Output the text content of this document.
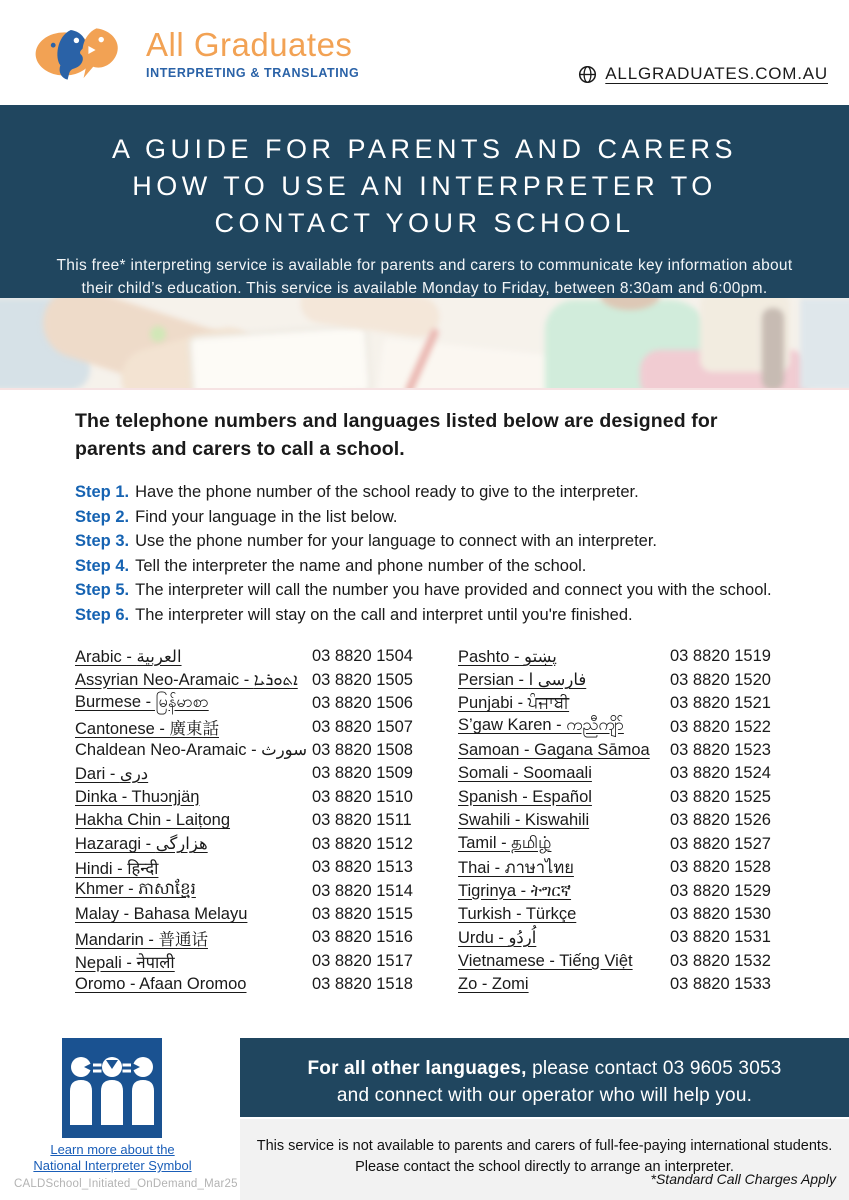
All Graduates
INTERPRETING & TRANSLATING	ALLGRADUATES.COM.AU
A GUIDE FOR PARENTS AND CARERS
HOW TO USE AN INTERPRETER TO
CONTACT YOUR SCHOOL
This free* interpreting service is available for parents and carers to communicate key information about
their child’s education. This service is available Monday to Friday, between 8:30am and 6:00pm.
The telephone numbers and languages listed below are designed for
parents and carers to call a school.
Step 1. Have the phone number of the school ready to give to the interpreter.
Step 2. Find your language in the list below.
Step 3. Use the phone number for your language to connect with an interpreter.
Step 4. Tell the interpreter the name and phone number of the school.
Step 5. The interpreter will call the number you have provided and connect you with the school.
Step 6. The interpreter will stay on the call and interpret until you're finished.
Arabic - العربية	03 8820 1504
Assyrian Neo-Aramaic - ܐܬܘܪܝܐ 03 8820 1505
Burmese - မြန်မာစာ	03 8820 1506
Cantonese - 廣東話	03 8820 1507
Chaldean Neo-Aramaic - سورث 03 8820 1508
Dari - دری	03 8820 1509
Dinka - Thuɔŋjäŋ	03 8820 1510
Hakha Chin - Laiṭong	03 8820 1511
Hazaragi - هزارگی	03 8820 1512
Hindi - हिन्दी	03 8820 1513
Khmer - ភាសាខ្មែរ	03 8820 1514
Malay - Bahasa Melayu	03 8820 1515
Mandarin - 普通话	03 8820 1516
Nepali - नेपाली	03 8820 1517
Oromo - Afaan Oromoo	03 8820 1518
Pashto - پښتو	03 8820 1519
Persian - فارسی ا	03 8820 1520
Punjabi - ਪੰਜਾਬੀ	03 8820 1521
S’gaw Karen - ကညီကျိာ်	03 8820 1522
Samoan - Gagana Sāmoa 03 8820 1523
Somali - Soomaali	03 8820 1524
Spanish - Español	03 8820 1525
Swahili - Kiswahili	03 8820 1526
Tamil - தமிழ்	03 8820 1527
Thai - ภาษาไทย	03 8820 1528
Tigrinya - ትግርኛ	03 8820 1529
Turkish - Türkçe	03 8820 1530
Urdu - اُردُو	03 8820 1531
Vietnamese - Tiếng Việt 03 8820 1532
Zo - Zomi	03 8820 1533
Learn more about the
National Interpreter Symbol
CALDSchool_Initiated_OnDemand_Mar25
For all other languages, please contact 03 9605 3053
and connect with our operator who will help you.
This service is not available to parents and carers of full-fee-paying international students.
Please contact the school directly to arrange an interpreter.
*Standard Call Charges Apply
